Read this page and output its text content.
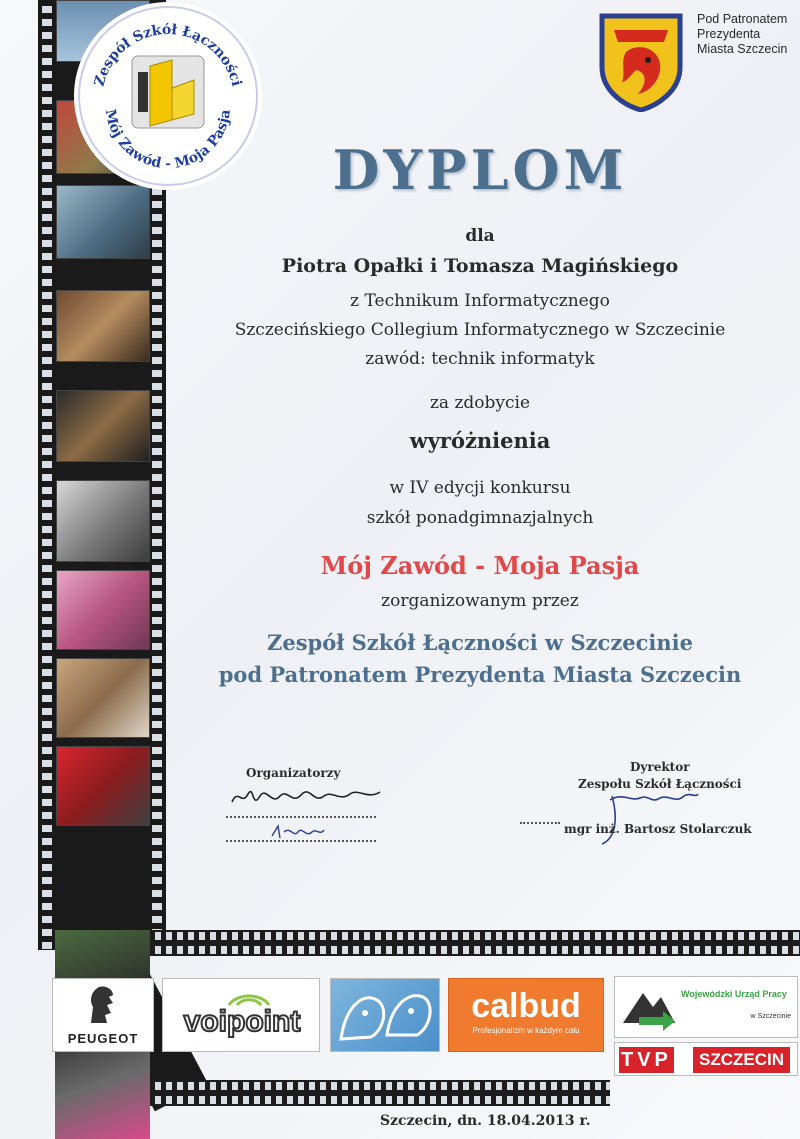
Zespół Szkół Łączności
Mój Zawód - Moja Pasja
Pod Patronatem
Prezydenta
Miasta Szczecin
DYPLOM
dla
Piotra Opałki i Tomasza Magińskiego
z Technikum Informatycznego
Szczecińskiego Collegium Informatycznego w Szczecinie
zawód: technik informatyk
za zdobycie
wyróżnienia
w IV edycji konkursu
szkół ponadgimnazjalnych
Mój Zawód - Moja Pasja
zorganizowanym przez
Zespół Szkół Łączności w Szczecinie
pod Patronatem Prezydenta Miasta Szczecin
Organizatorzy	Dyrektor
Zespołu Szkół Łączności
mgr inż. Bartosz Stolarczuk
PEUGEOT
voipoint	calbud
Profesjonalizm w każdym calu
Wojewódzki Urząd Pracy
w Szczecinie
TVP	SZCZECIN
Szczecin, dn. 18.04.2013 r.
